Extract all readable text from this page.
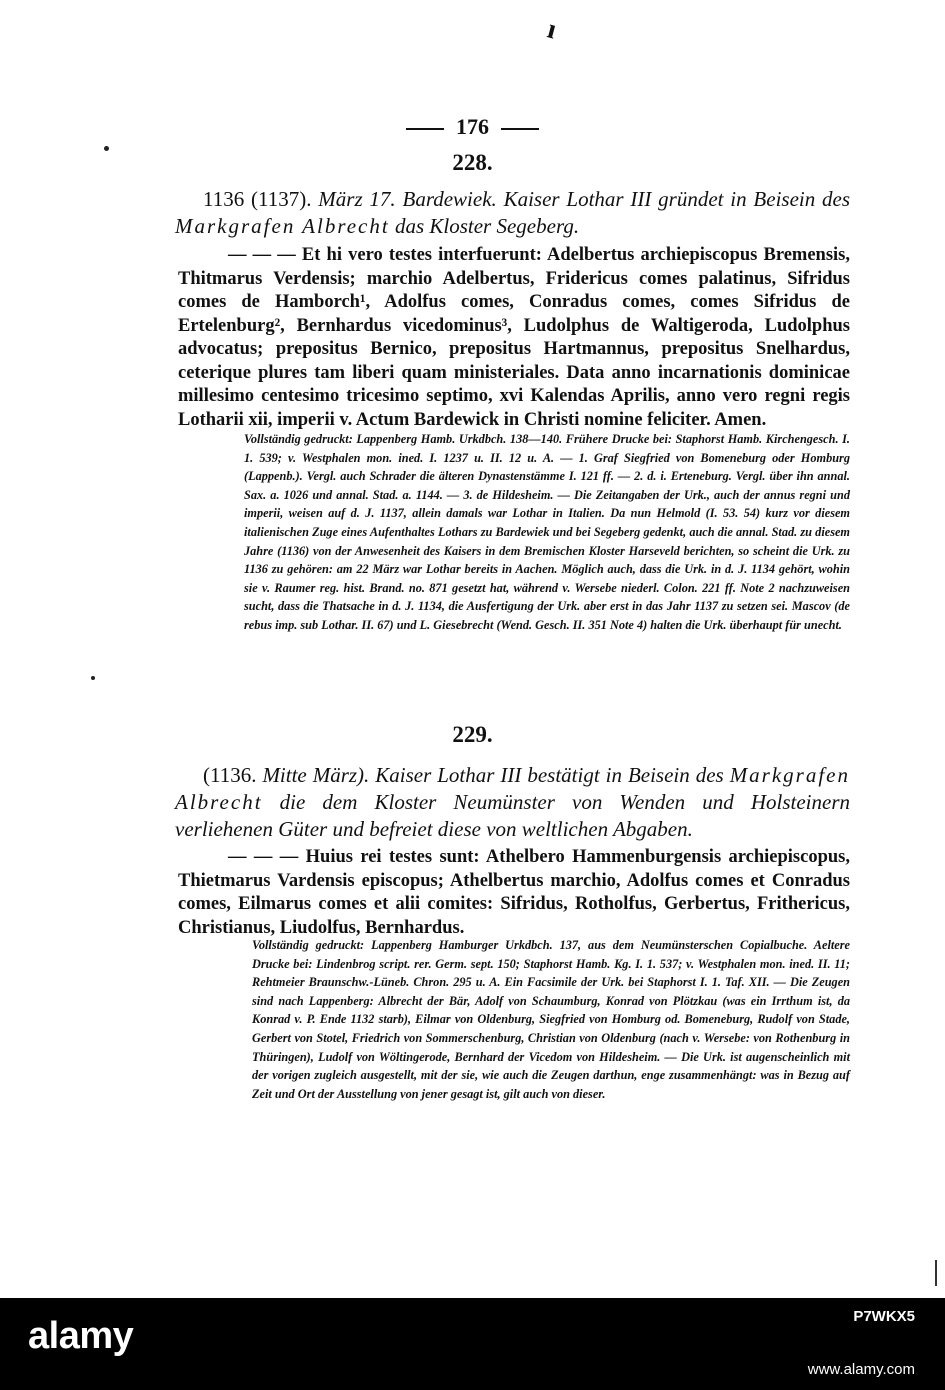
ı
176
228.
1136 (1137). März 17. Bardewiek. Kaiser Lothar III gründet in Beisein des Markgrafen Albrecht das Kloster Segeberg.
— — — Et hi vero testes interfuerunt: Adelbertus archiepiscopus Bremensis, Thitmarus Verdensis; marchio Adelbertus, Fridericus comes palatinus, Sifridus comes de Hamborch¹, Adolfus comes, Conradus comes, comes Sifridus de Ertelenburg², Bernhardus vicedominus³, Ludolphus de Waltigeroda, Ludolphus advocatus; prepositus Bernico, prepositus Hartmannus, prepositus Snelhardus, ceterique plures tam liberi quam ministeriales. Data anno incarnationis dominicae millesimo centesimo tricesimo septimo, xvi Kalendas Aprilis, anno vero regni regis Lotharii xii, imperii v. Actum Bardewick in Christi nomine feliciter. Amen.
Vollständig gedruckt: Lappenberg Hamb. Urkdbch. 138—140. Frühere Drucke bei: Staphorst Hamb. Kirchengesch. I. 1. 539; v. Westphalen mon. ined. I. 1237 u. II. 12 u. A. — 1. Graf Siegfried von Bomeneburg oder Homburg (Lappenb.). Vergl. auch Schrader die älteren Dynastenstämme I. 121 ff. — 2. d. i. Erteneburg. Vergl. über ihn annal. Sax. a. 1026 und annal. Stad. a. 1144. — 3. de Hildesheim. — Die Zeitangaben der Urk., auch der annus regni und imperii, weisen auf d. J. 1137, allein damals war Lothar in Italien. Da nun Helmold (I. 53. 54) kurz vor diesem italienischen Zuge eines Aufenthaltes Lothars zu Bardewiek und bei Segeberg gedenkt, auch die annal. Stad. zu diesem Jahre (1136) von der Anwesenheit des Kaisers in dem Bremischen Kloster Harseveld berichten, so scheint die Urk. zu 1136 zu gehören: am 22 März war Lothar bereits in Aachen. Möglich auch, dass die Urk. in d. J. 1134 gehört, wohin sie v. Raumer reg. hist. Brand. no. 871 gesetzt hat, während v. Wersebe niederl. Colon. 221 ff. Note 2 nachzuweisen sucht, dass die Thatsache in d. J. 1134, die Ausfertigung der Urk. aber erst in das Jahr 1137 zu setzen sei. Mascov (de rebus imp. sub Lothar. II. 67) und L. Giesebrecht (Wend. Gesch. II. 351 Note 4) halten die Urk. überhaupt für unecht.
229.
(1136. Mitte März). Kaiser Lothar III bestätigt in Beisein des Markgrafen Albrecht die dem Kloster Neumünster von Wenden und Holsteinern verliehenen Güter und befreiet diese von weltlichen Abgaben.
— — — Huius rei testes sunt: Athelbero Hammenburgensis archiepiscopus, Thietmarus Vardensis episcopus; Athelbertus marchio, Adolfus comes et Conradus comes, Eilmarus comes et alii comites: Sifridus, Rotholfus, Gerbertus, Frithericus, Christianus, Liudolfus, Bernhardus.
Vollständig gedruckt: Lappenberg Hamburger Urkdbch. 137, aus dem Neumünsterschen Copialbuche. Aeltere Drucke bei: Lindenbrog script. rer. Germ. sept. 150; Staphorst Hamb. Kg. I. 1. 537; v. Westphalen mon. ined. II. 11; Rehtmeier Braunschw.-Lüneb. Chron. 295 u. A. Ein Facsimile der Urk. bei Staphorst I. 1. Taf. XII. — Die Zeugen sind nach Lappenberg: Albrecht der Bär, Adolf von Schaumburg, Konrad von Plötzkau (was ein Irrthum ist, da Konrad v. P. Ende 1132 starb), Eilmar von Oldenburg, Siegfried von Homburg od. Bomeneburg, Rudolf von Stade, Gerbert von Stotel, Friedrich von Sommerschenburg, Christian von Oldenburg (nach v. Wersebe: von Rothenburg in Thüringen), Ludolf von Wöltingerode, Bernhard der Vicedom von Hildesheim. — Die Urk. ist augenscheinlich mit der vorigen zugleich ausgestellt, mit der sie, wie auch die Zeugen darthun, enge zusammenhängt: was in Bezug auf Zeit und Ort der Ausstellung von jener gesagt ist, gilt auch von dieser.
alamy	P7WKX5
www.alamy.com
